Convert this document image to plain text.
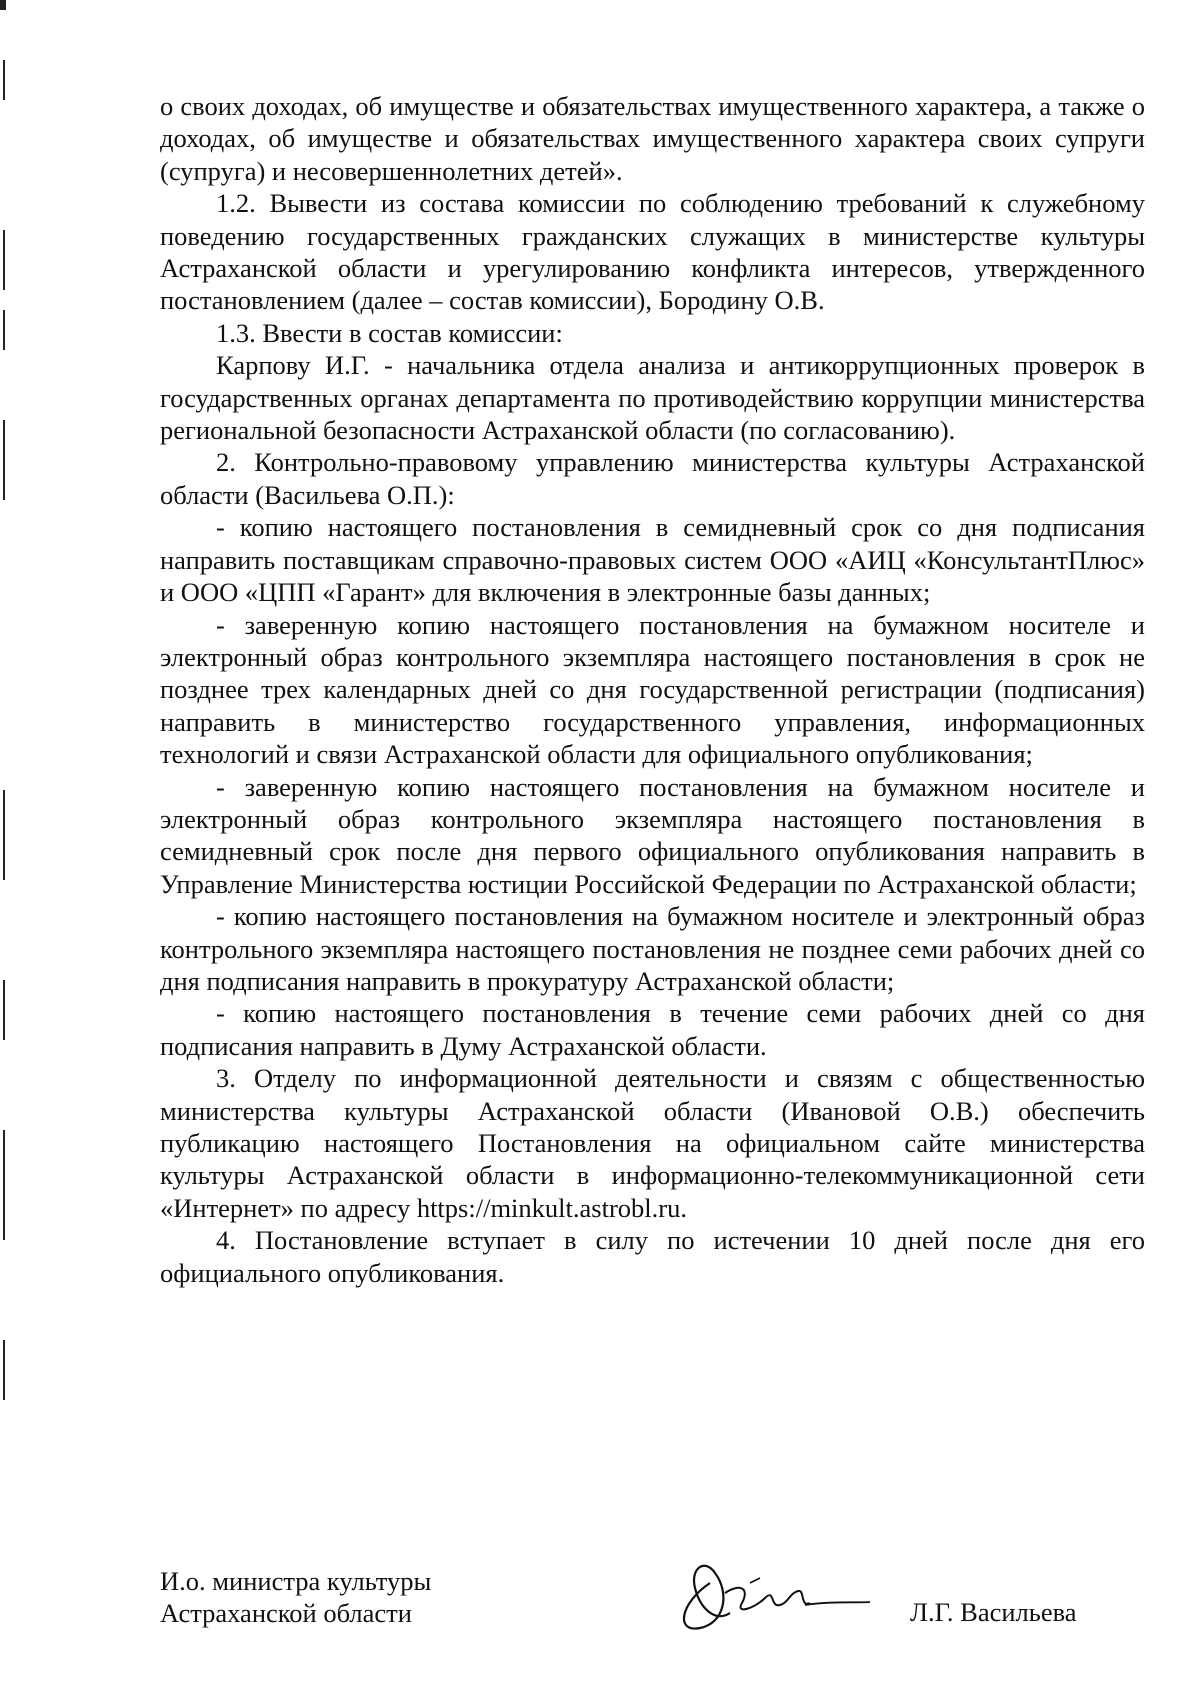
о своих доходах, об имуществе и обязательствах имущественного характера, а также о доходах, об имуществе и обязательствах имущественного характера своих супруги (супруга) и несовершеннолетних детей».

1.2. Вывести из состава комиссии по соблюдению требований к служебному поведению государственных гражданских служащих в министерстве культуры Астраханской области и урегулированию конфликта интересов, утвержденного постановлением (далее – состав комиссии), Бородину О.В.

1.3. Ввести в состав комиссии:

Карпову И.Г. - начальника отдела анализа и антикоррупционных проверок в государственных органах департамента по противодействию коррупции министерства региональной безопасности Астраханской области (по согласованию).

2. Контрольно-правовому управлению министерства культуры Астраханской области (Васильева О.П.):

- копию настоящего постановления в семидневный срок со дня подписания направить поставщикам справочно-правовых систем ООО «АИЦ «КонсультантПлюс» и ООО «ЦПП «Гарант» для включения в электронные базы данных;

- заверенную копию настоящего постановления на бумажном носителе и электронный образ контрольного экземпляра настоящего постановления в срок не позднее трех календарных дней со дня государственной регистрации (подписания) направить в министерство государственного управления, информационных технологий и связи Астраханской области для официального опубликования;

- заверенную копию настоящего постановления на бумажном носителе и электронный образ контрольного экземпляра настоящего постановления в семидневный срок после дня первого официального опубликования направить в Управление Министерства юстиции Российской Федерации по Астраханской области;

- копию настоящего постановления на бумажном носителе и электронный образ контрольного экземпляра настоящего постановления не позднее семи рабочих дней со дня подписания направить в прокуратуру Астраханской области;

- копию настоящего постановления в течение семи рабочих дней со дня подписания направить в Думу Астраханской области.

3. Отделу по информационной деятельности и связям с общественностью министерства культуры Астраханской области (Ивановой О.В.) обеспечить публикацию настоящего Постановления на официальном сайте министерства культуры Астраханской области в информационно-телекоммуникационной сети «Интернет» по адресу https://minkult.astrobl.ru.

4. Постановление вступает в силу по истечении 10 дней после дня его официального опубликования.

И.о. министра культуры
Астраханской области	Л.Г. Васильева
